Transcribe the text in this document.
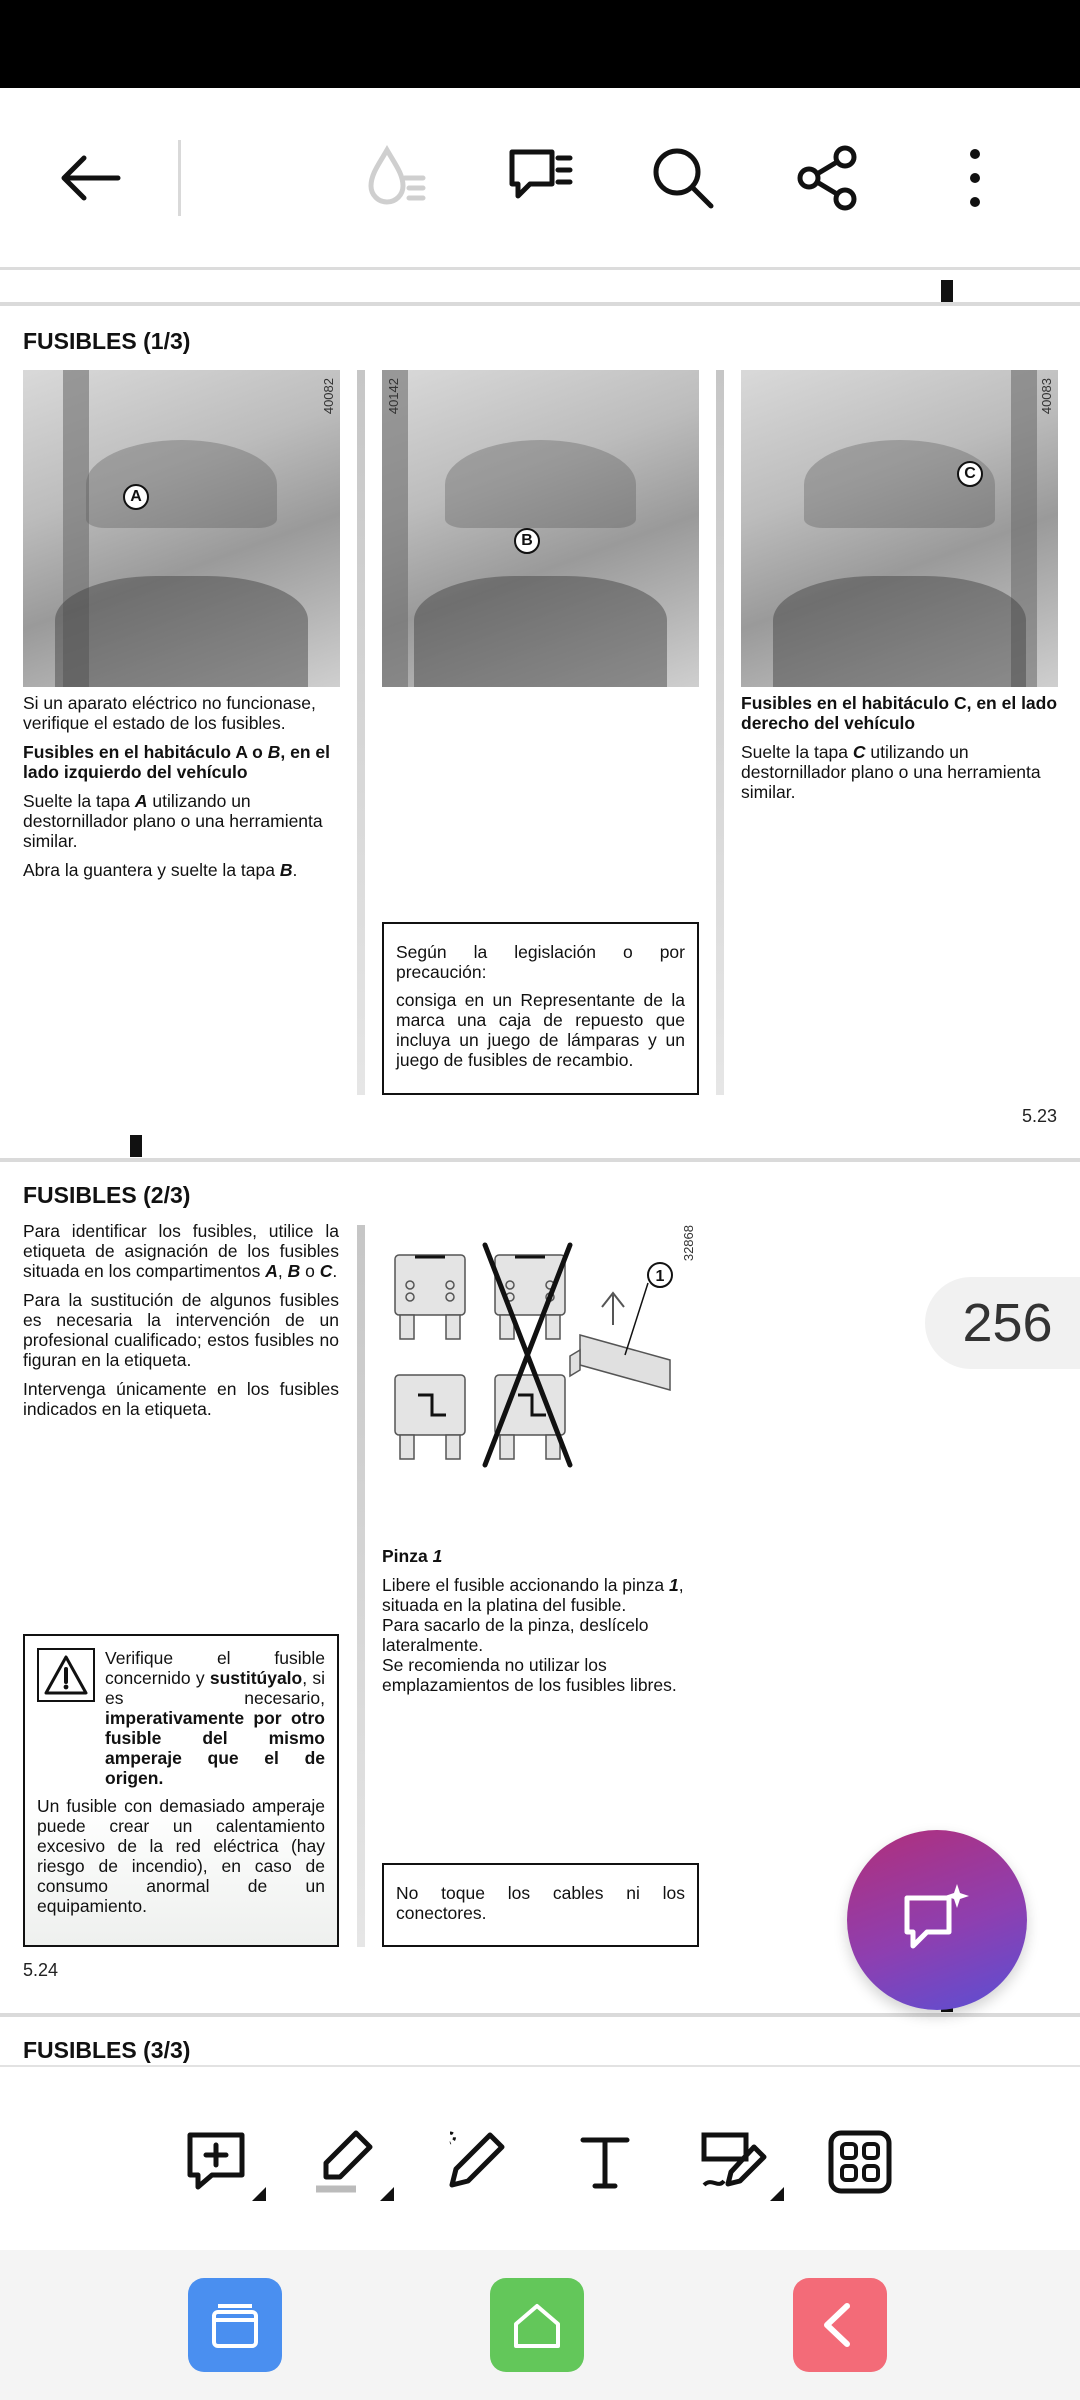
FUSIBLES (1/3)
40082
A
40142
B
40083
C

Si un aparato eléctrico no funcionase, verifique el estado de los fusibles.

Fusibles en el habitáculo A o B, en el lado izquierdo del vehículo

Suelte la tapa A utilizando un destornillador plano o una herramienta similar.

Abra la guantera y suelte la tapa B.

Según la legislación o por precaución:

consiga en un Representante de la marca una caja de repuesto que incluya un juego de lámparas y un juego de fusibles de recambio.

Fusibles en el habitáculo C, en el lado derecho del vehículo

Suelte la tapa C utilizando un destornillador plano o una herramienta similar.

5.23
FUSIBLES (2/3)

Para identificar los fusibles, utilice la etiqueta de asignación de los fusibles situada en los compartimentos A, B o C.

Para la sustitución de algunos fusibles es necesaria la intervención de un profesional cualificado; estos fusibles no figuran en la etiqueta.

Intervenga únicamente en los fusibles indicados en la etiqueta.

Verifique el fusible concernido y sustitúyalo, si es necesario, imperativamente por otro fusible del mismo amperaje que el de origen.

Un fusible con demasiado amperaje puede crear un calentamiento excesivo de la red eléctrica (hay riesgo de incendio), en caso de consumo anormal de un equipamiento.

32868
1

Pinza 1

Libere el fusible accionando la pinza 1, situada en la platina del fusible.

Para sacarlo de la pinza, deslícelo lateralmente.

Se recomienda no utilizar los emplazamientos de los fusibles libres.

No toque los cables ni los conectores.

5.24
FUSIBLES (3/3)
256
